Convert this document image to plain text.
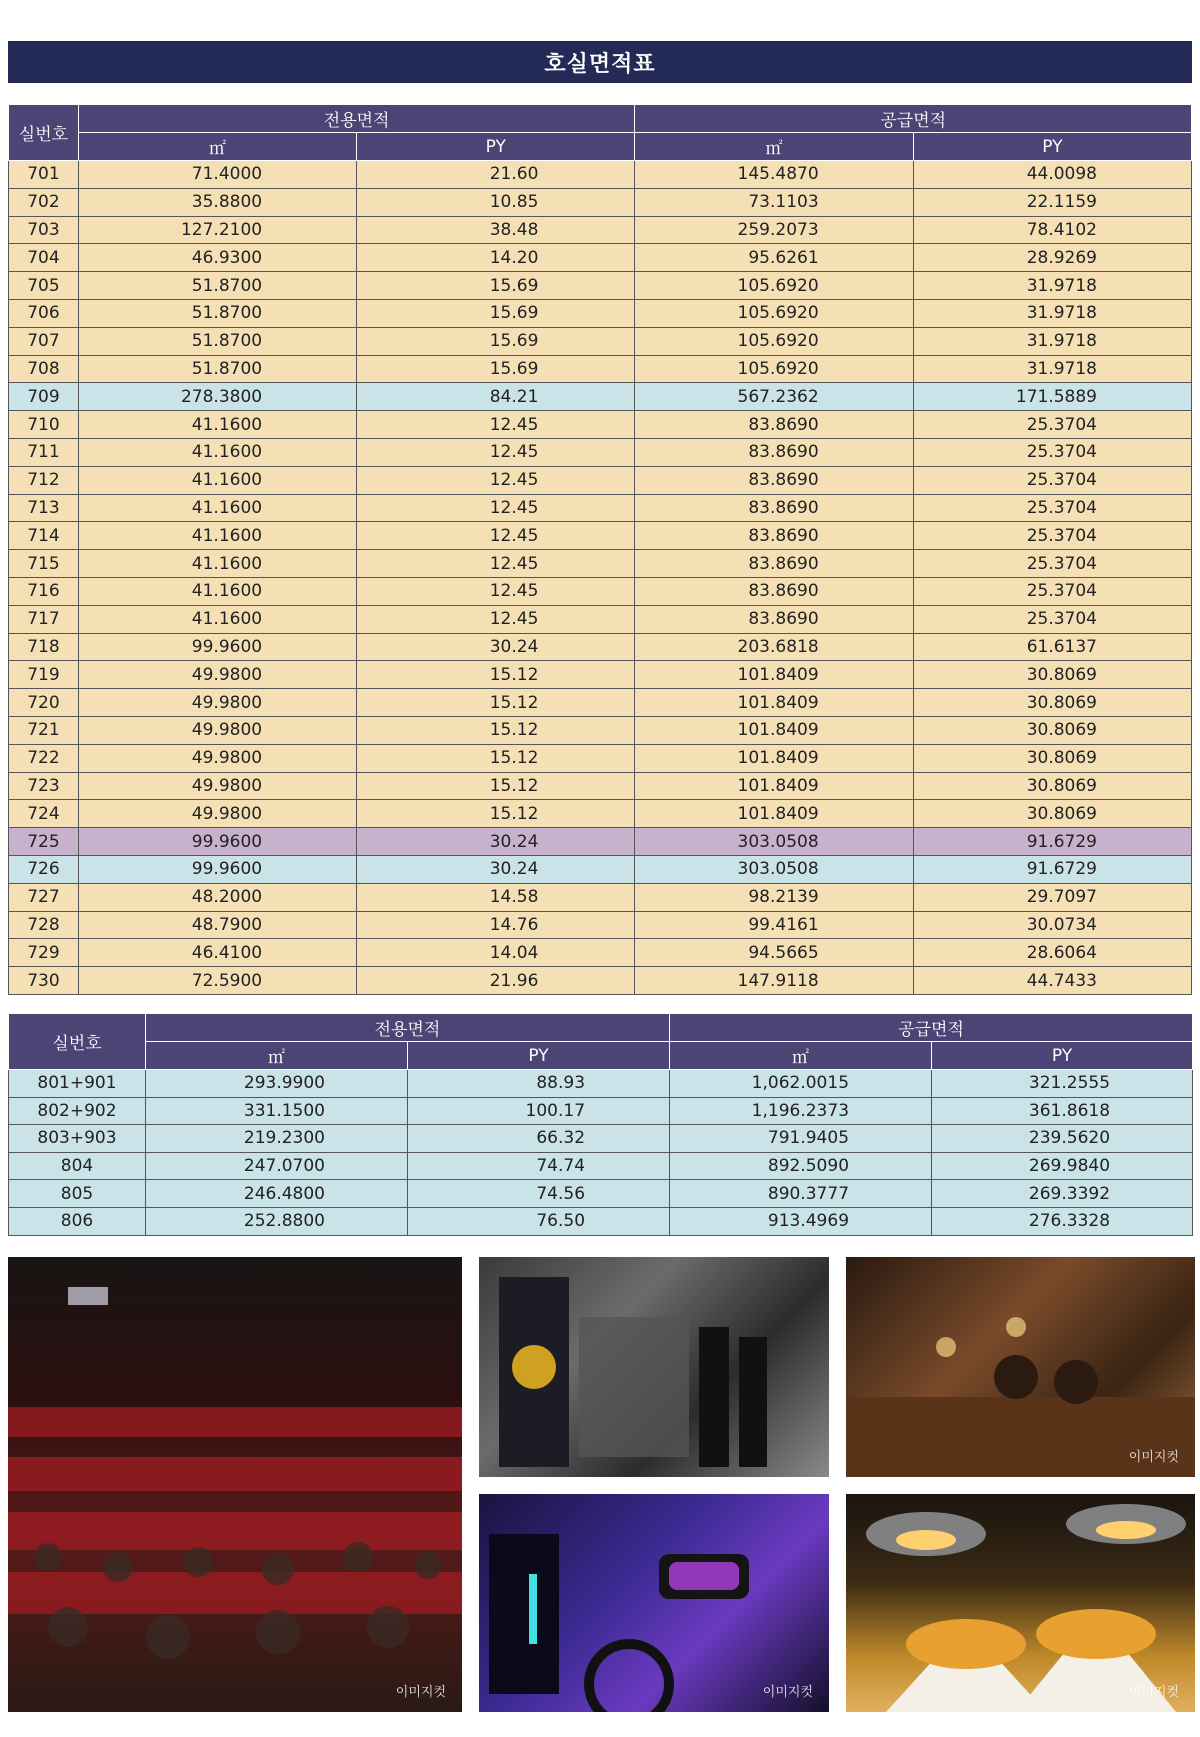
호실면적표
실번호	전용면적		공급면적	
	㎡	PY	㎡	PY
701	71.4000	21.60	145.4870	44.0098
702	35.8800	10.85	73.1103	22.1159
703	127.2100	38.48	259.2073	78.4102
704	46.9300	14.20	95.6261	28.9269
705	51.8700	15.69	105.6920	31.9718
706	51.8700	15.69	105.6920	31.9718
707	51.8700	15.69	105.6920	31.9718
708	51.8700	15.69	105.6920	31.9718
709	278.3800	84.21	567.2362	171.5889
710	41.1600	12.45	83.8690	25.3704
711	41.1600	12.45	83.8690	25.3704
712	41.1600	12.45	83.8690	25.3704
713	41.1600	12.45	83.8690	25.3704
714	41.1600	12.45	83.8690	25.3704
715	41.1600	12.45	83.8690	25.3704
716	41.1600	12.45	83.8690	25.3704
717	41.1600	12.45	83.8690	25.3704
718	99.9600	30.24	203.6818	61.6137
719	49.9800	15.12	101.8409	30.8069
720	49.9800	15.12	101.8409	30.8069
721	49.9800	15.12	101.8409	30.8069
722	49.9800	15.12	101.8409	30.8069
723	49.9800	15.12	101.8409	30.8069
724	49.9800	15.12	101.8409	30.8069
725	99.9600	30.24	303.0508	91.6729
726	99.9600	30.24	303.0508	91.6729
727	48.2000	14.58	98.2139	29.7097
728	48.7900	14.76	99.4161	30.0734
729	46.4100	14.04	94.5665	28.6064
730	72.5900	21.96	147.9118	44.7433
실번호	전용면적		공급면적	
	㎡	PY	㎡	PY
801+901	293.9900	88.93	1,062.0015	321.2555
802+902	331.1500	100.17	1,196.2373	361.8618
803+903	219.2300	66.32	791.9405	239.5620
804	247.0700	74.74	892.5090	269.9840
805	246.4800	74.56	890.3777	269.3392
806	252.8800	76.50	913.4969	276.3328
이미지컷
이미지컷
이미지컷	이미지컷
